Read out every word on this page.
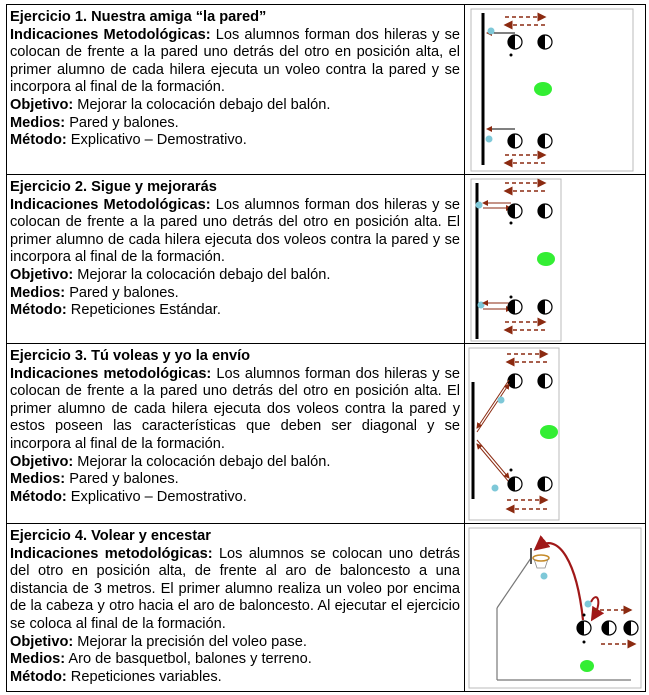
Ejercicio 1. Nuestra amiga “la pared”

Indicaciones Metodológicas: Los alumnos forman dos hileras y se colocan de frente a la pared uno detrás del otro en posición alta, el primer alumno de cada hilera ejecuta un voleo contra la pared y se incorpora al final de la formación.

Objetivo: Mejorar la colocación debajo del balón.

Medios: Pared y balones.

Método: Explicativo – Demostrativo.

Ejercicio 2. Sigue y mejorarás

Indicaciones Metodológicas: Los alumnos forman dos hileras y se colocan de frente a la pared uno detrás del otro en posición alta. El primer alumno de cada hilera ejecuta dos voleos contra la pared y se incorpora al final de la formación.

Objetivo: Mejorar la colocación debajo del balón.

Medios: Pared y balones.

Método: Repeticiones Estándar.

Ejercicio 3. Tú voleas y yo la envío

Indicaciones metodológicas: Los alumnos forman dos hileras y se colocan de frente a la pared uno detrás del otro en posición alta. El primer alumno de cada hilera ejecuta dos voleos contra la pared y estos poseen las características que deben ser diagonal y se incorpora al final de la formación.

Objetivo: Mejorar la colocación debajo del balón.

Medios: Pared y balones.

Método: Explicativo – Demostrativo.

Ejercicio 4. Volear y encestar

Indicaciones metodológicas: Los alumnos se colocan uno detrás del otro en posición alta, de frente al aro de baloncesto a una distancia de 3 metros. El primer alumno realiza un voleo por encima de la cabeza y otro hacia el aro de baloncesto. Al ejecutar el ejercicio se coloca al final de la formación.

Objetivo: Mejorar la precisión del voleo pase.

Medios: Aro de basquetbol, balones y terreno.

Método: Repeticiones variables.
